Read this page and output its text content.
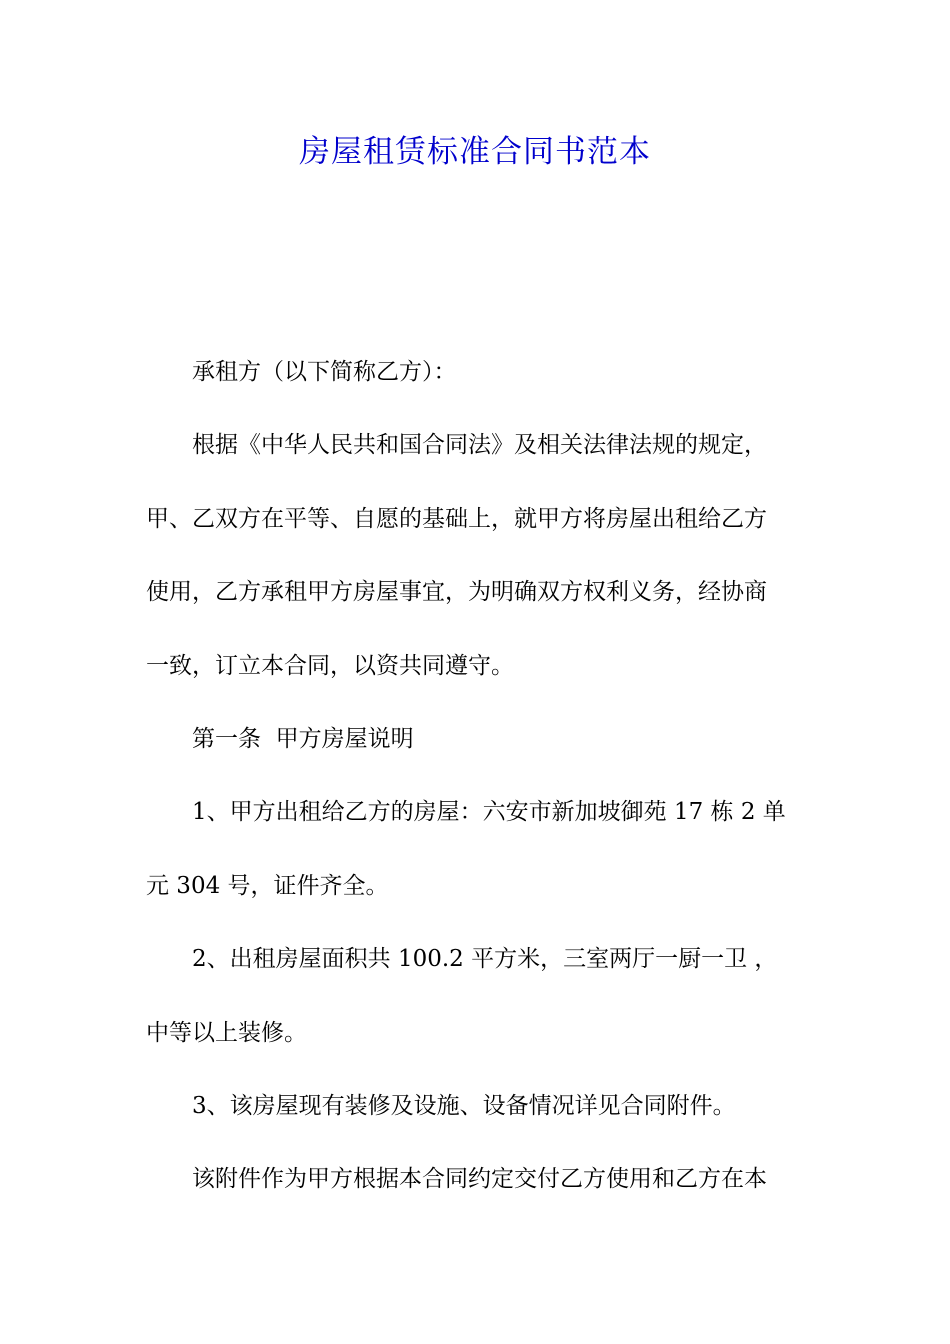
房屋租赁标准合同书范本
承租方（以下简称乙方）：
根据《中华人民共和国合同法》及相关法律法规的规定，
甲、乙双方在平等、自愿的基础上，就甲方将房屋出租给乙方
使用，乙方承租甲方房屋事宜，为明确双方权利义务，经协商
一致，订立本合同，以资共同遵守。
第一条  甲方房屋说明
1、甲方出租给乙方的房屋：六安市新加坡御苑 17 栋 2 单
元 304 号，证件齐全。
2、出租房屋面积共 100.2 平方米，三室两厅一厨一卫 ，
中等以上装修。
3、该房屋现有装修及设施、设备情况详见合同附件。
该附件作为甲方根据本合同约定交付乙方使用和乙方在本
